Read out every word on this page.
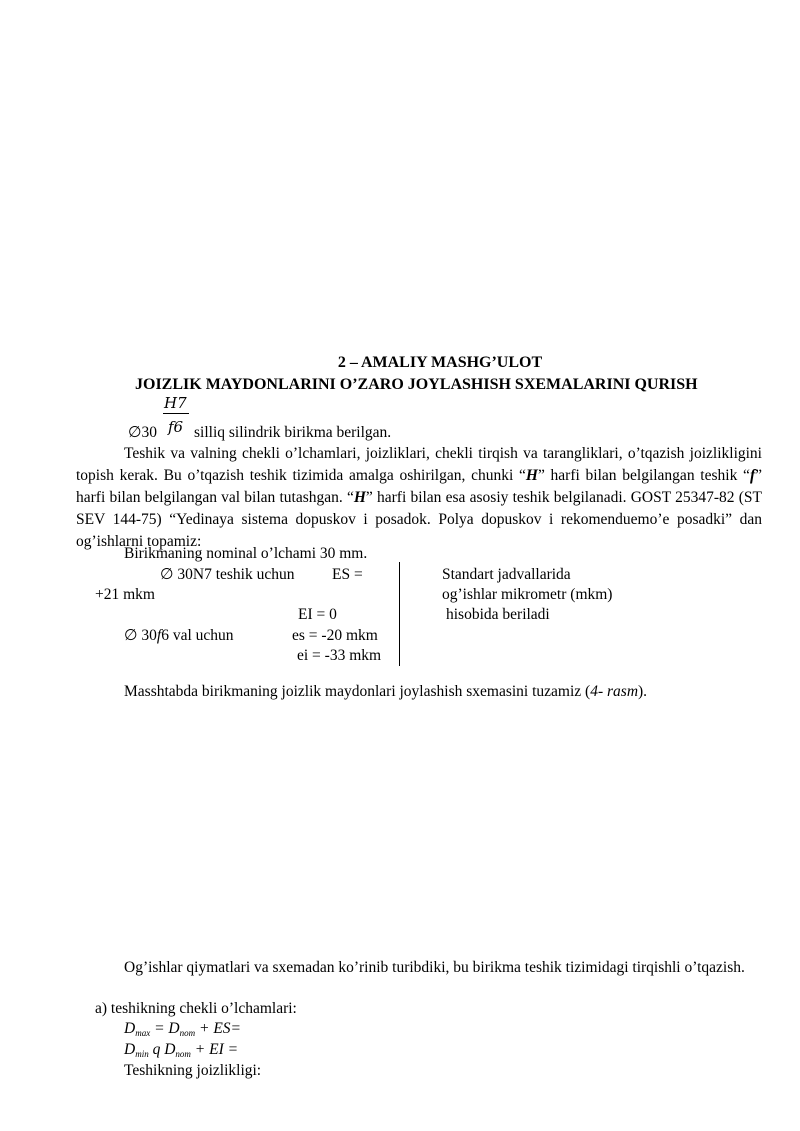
2 – AMALIY MASHG’ULOT
JOIZLIK MAYDONLARINI O’ZARO JOYLASHISH SXEMALARINI QURISH
H7
f6
∅30 silliq silindrik birikma berilgan.
Teshik va valning chekli o’lchamlari, joizliklari, chekli tirqish va tarangliklari, o’tqazish joizlikligini topish kerak. Bu o’tqazish teshik tizimida amalga oshirilgan, chunki “H” harfi bilan belgilangan teshik “f” harfi bilan belgilangan val bilan tutashgan. “H” harfi bilan esa asosiy teshik belgilanadi. GOST 25347-82 (ST SEV 144-75) “Yedinaya sistema dopuskov i posadok. Polya dopuskov i rekomenduemo’e posadki” dan og’ishlarni topamiz:
Birikmaning nominal o’lchami 30 mm.
∅ 30N7 teshik uchun ES =
+21 mkm
EI = 0
∅ 30f6 val uchun	es = -20 mkm
ei = -33 mkm
Standart jadvallarida
og’ishlar mikrometr (mkm)
hisobida beriladi
Masshtabda birikmaning joizlik maydonlari joylashish sxemasini tuzamiz (4- rasm).
Og’ishlar qiymatlari va sxemadan ko’rinib turibdiki, bu birikma teshik tizimidagi tirqishli o’tqazish.
a) teshikning chekli o’lchamlari:
$D_{max} = D_{nom} + ES=$
$D_{min}$ q $D_{nom}$ + EI =
Teshikning joizlikligi:
